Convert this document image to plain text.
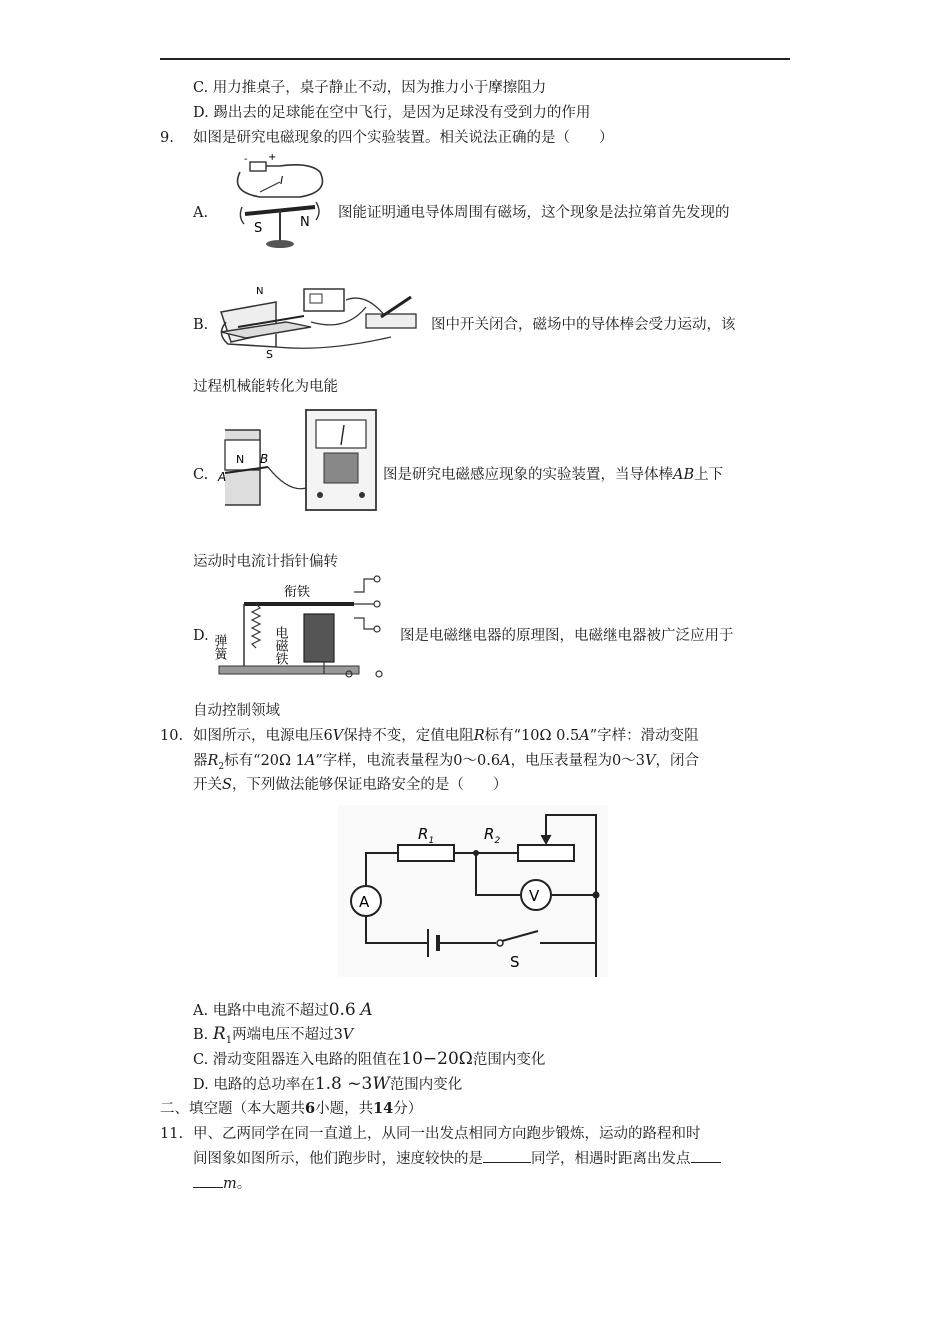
C. 用力推桌子，桌子静止不动，因为推力小于摩擦阻力
D. 踢出去的足球能在空中飞行，是因为足球没有受到力的作用
9. 如图是研究电磁现象的四个实验装置。相关说法正确的是（　　）
A.
- +
I
S	N
图能证明通电导体周围有磁场，这个现象是法拉第首先发现的
B.
N
S
图中开关闭合，磁场中的导体棒会受力运动，该
过程机械能转化为电能
C. A
N B
图是研究电磁感应现象的实验装置，当导体棒AB上下
运动时电流计指针偏转
D.
衔铁
弹簧	电磁铁	图是电磁继电器的原理图，电磁继电器被广泛应用于
自动控制领域
10. 如图所示，电源电压6V保持不变，定值电阻R标有“10Ω 0.5A”字样：滑动变阻
器$R_2$标有“20Ω 1A”字样，电流表量程为0～0.6A，电压表量程为0～3V，闭合
开关S，下列做法能够保证电路安全的是（　　）
$R_1$	$R_2$
V
A
S
A. 电路中电流不超过0.6 A
B. $R_1$两端电压不超过3V
C. 滑动变阻器连入电路的阻值在10−20Ω范围内变化
D. 电路的总功率在1.8 ~3W范围内变化
二、填空题（本大题共6小题，共14分）
11. 甲、乙两同学在同一直道上，从同一出发点相同方向跑步锻炼，运动的路程和时
间图象如图所示，他们跑步时，速度较快的是	同学，相遇时距离出发点
m。
